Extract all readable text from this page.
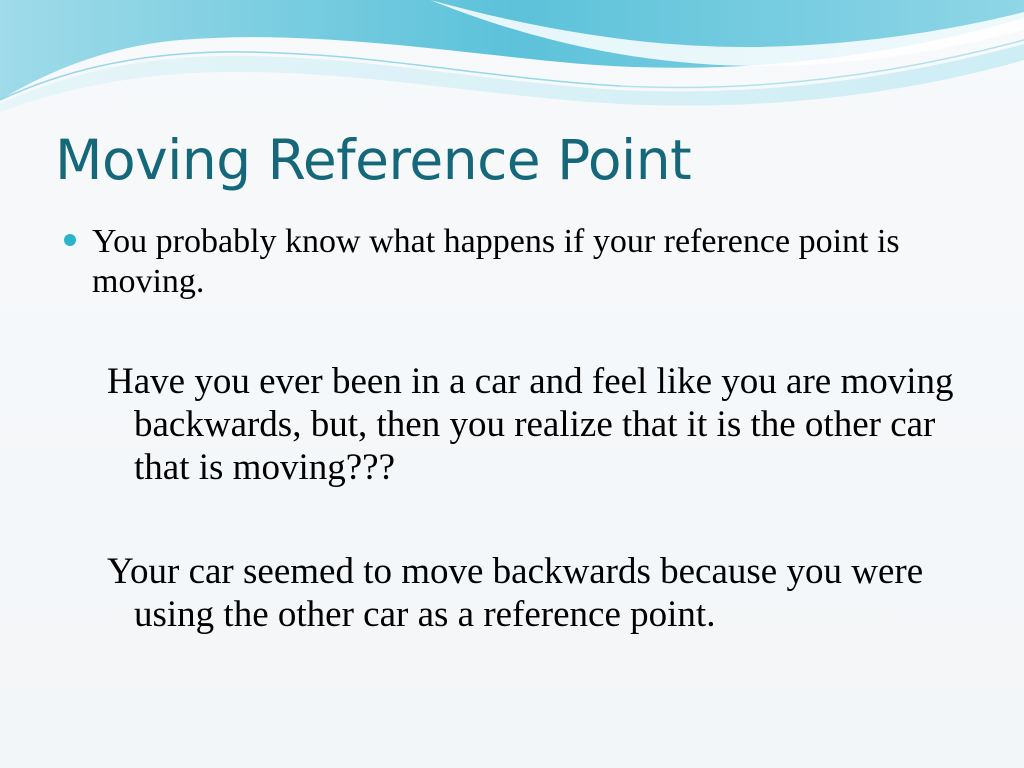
Moving Reference Point

You probably know what happens if your reference point is moving.

Have you ever been in a car and feel like you are moving backwards, but, then you realize that it is the other car that is moving???

Your car seemed to move backwards because you were using the other car as a reference point.
